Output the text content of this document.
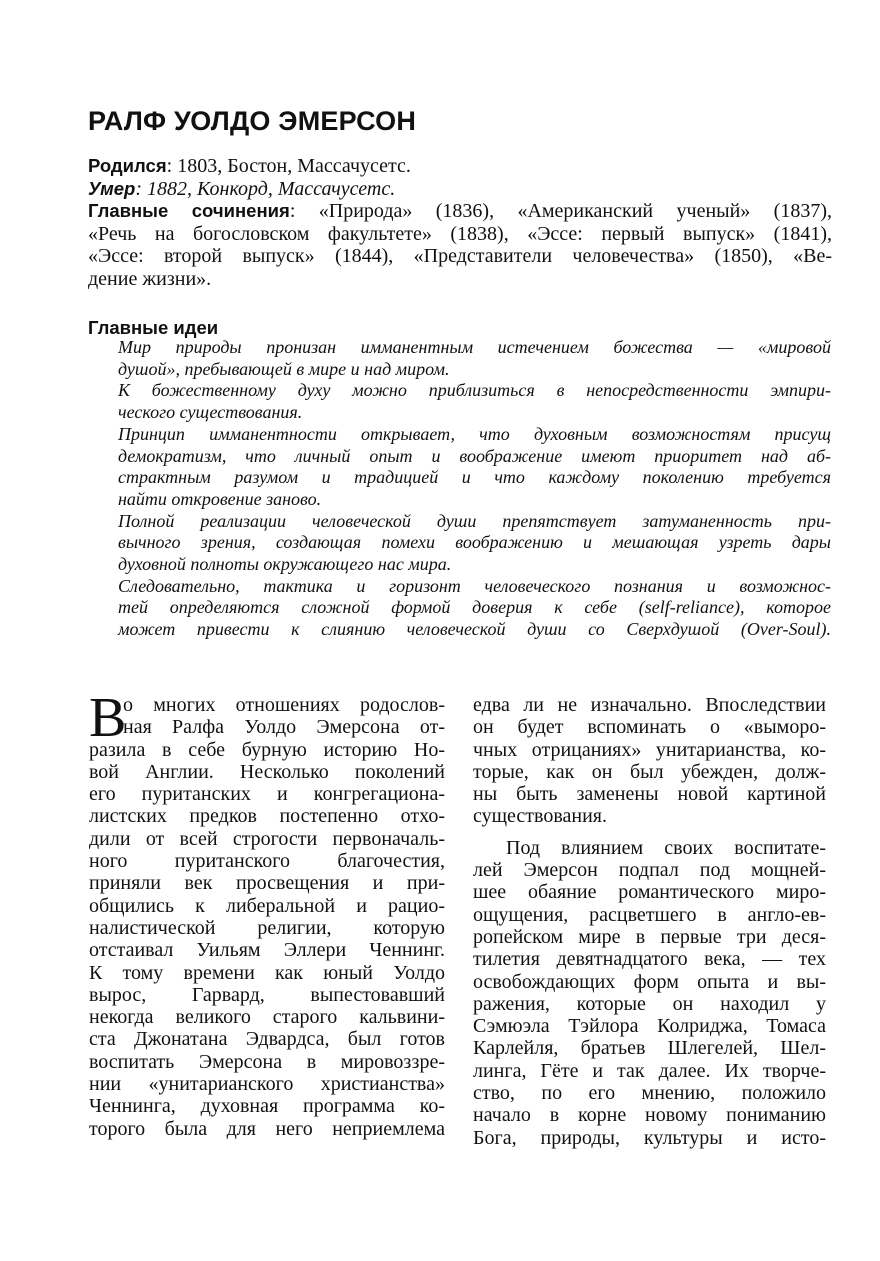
РАЛФ УОЛДО ЭМЕРСОН
Родился: 1803, Бостон, Массачусетс.
Умер: 1882, Конкорд, Массачусетс.
Главные сочинения: «Природа» (1836), «Американский ученый» (1837),
«Речь на богословском факультете» (1838), «Эссе: первый выпуск» (1841),
«Эссе: второй выпуск» (1844), «Представители человечества» (1850), «Ве-
дение жизни».
Главные идеи
Мир природы пронизан имманентным истечением божества — «мировой
душой», пребывающей в мире и над миром.
К божественному духу можно приблизиться в непосредственности эмпири-
ческого существования.
Принцип имманентности открывает, что духовным возможностям присущ
демократизм, что личный опыт и воображение имеют приоритет над аб-
страктным разумом и традицией и что каждому поколению требуется
найти откровение заново.
Полной реализации человеческой души препятствует затуманенность при-
вычного зрения, создающая помехи воображению и мешающая узреть дары
духовной полноты окружающего нас мира.
Следовательно, тактика и горизонт человеческого познания и возможнос-
тей определяются сложной формой доверия к себе (self-reliance), которое
может привести к слиянию человеческой души со Сверхдушой (Over-Soul).
В
о многих отношениях родослов-
ная Ралфа Уолдо Эмерсона от-
разила в себе бурную историю Но-
вой Англии. Несколько поколений
его пуританских и конгрегациона-
листских предков постепенно отхо-
дили от всей строгости первоначаль-
ного пуританского благочестия,
приняли век просвещения и при-
общились к либеральной и рацио-
налистической религии, которую
отстаивал Уильям Эллери Ченнинг.
К тому времени как юный Уолдо
вырос, Гарвард, выпестовавший
некогда великого старого кальвини-
ста Джонатана Эдвардса, был готов
воспитать Эмерсона в мировоззре-
нии «унитарианского христианства»
Ченнинга, духовная программа ко-
торого была для него неприемлема
едва ли не изначально. Впоследствии
он будет вспоминать о «выморо-
чных отрицаниях» унитарианства, ко-
торые, как он был убежден, долж-
ны быть заменены новой картиной
существования.
Под влиянием своих воспитате-
лей Эмерсон подпал под мощней-
шее обаяние романтического миро-
ощущения, расцветшего в англо-ев-
ропейском мире в первые три деся-
тилетия девятнадцатого века, — тех
освобождающих форм опыта и вы-
ражения, которые он находил у
Сэмюэла Тэйлора Колриджа, Томаса
Карлейля, братьев Шлегелей, Шел-
линга, Гёте и так далее. Их творче-
ство, по его мнению, положило
начало в корне новому пониманию
Бога, природы, культуры и исто-
